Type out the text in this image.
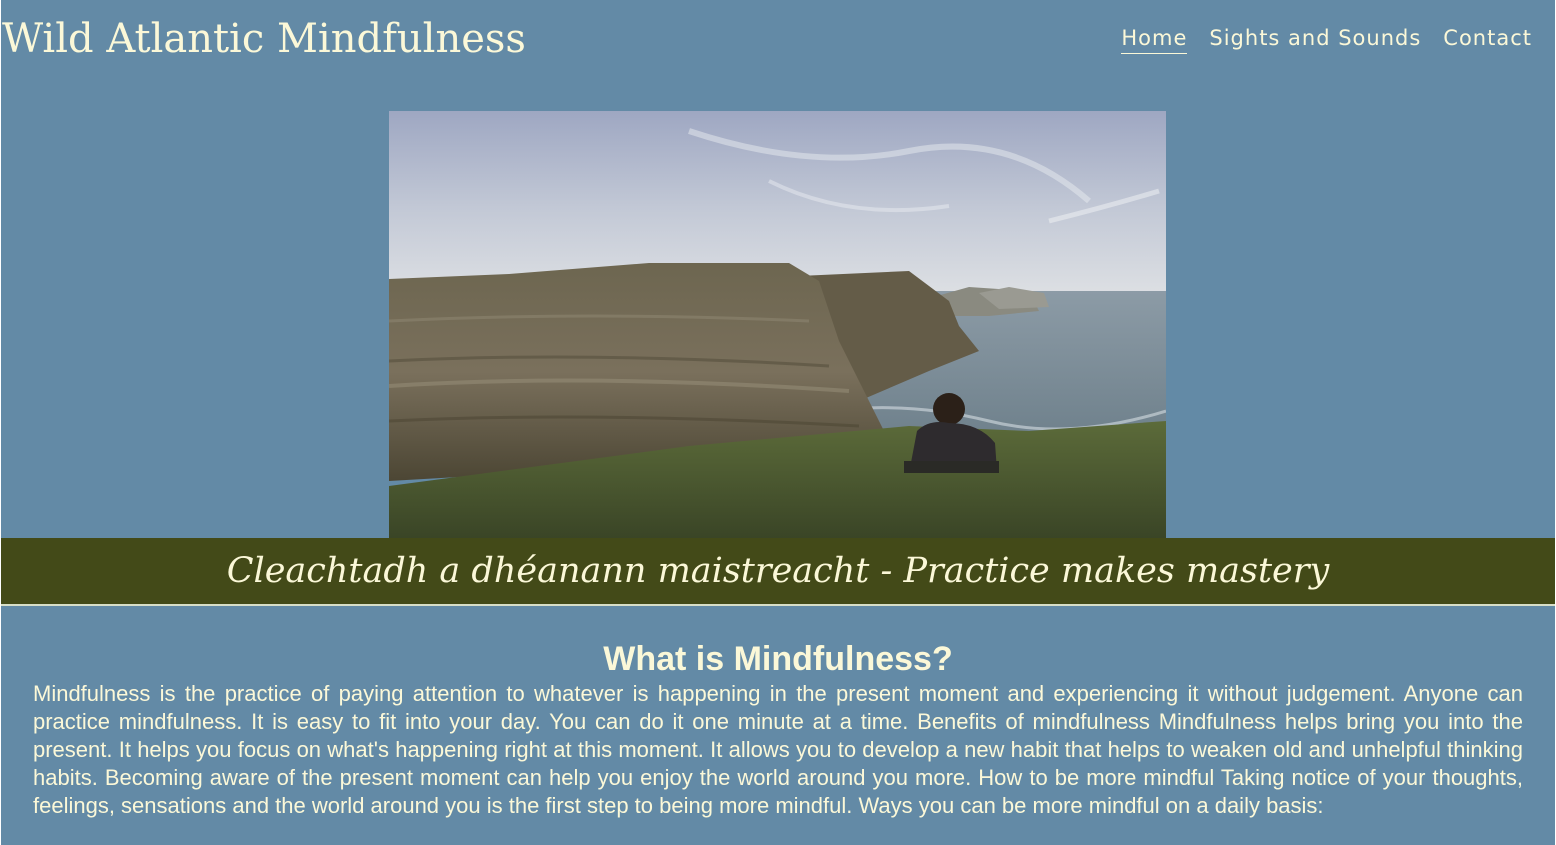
Wild Atlantic Mindfulness	Home Sights and Sounds Contact
Cleachtadh a dhéanann maistreacht - Practice makes mastery
What is Mindfulness?

Mindfulness is the practice of paying attention to whatever is happening in the present moment and experiencing it without judgement. Anyone can practice mindfulness. It is easy to fit into your day. You can do it one minute at a time. Benefits of mindfulness Mindfulness helps bring you into the present. It helps you focus on what's happening right at this moment. It allows you to develop a new habit that helps to weaken old and unhelpful thinking habits. Becoming aware of the present moment can help you enjoy the world around you more. How to be more mindful Taking notice of your thoughts, feelings, sensations and the world around you is the first step to being more mindful. Ways you can be more mindful on a daily basis:
